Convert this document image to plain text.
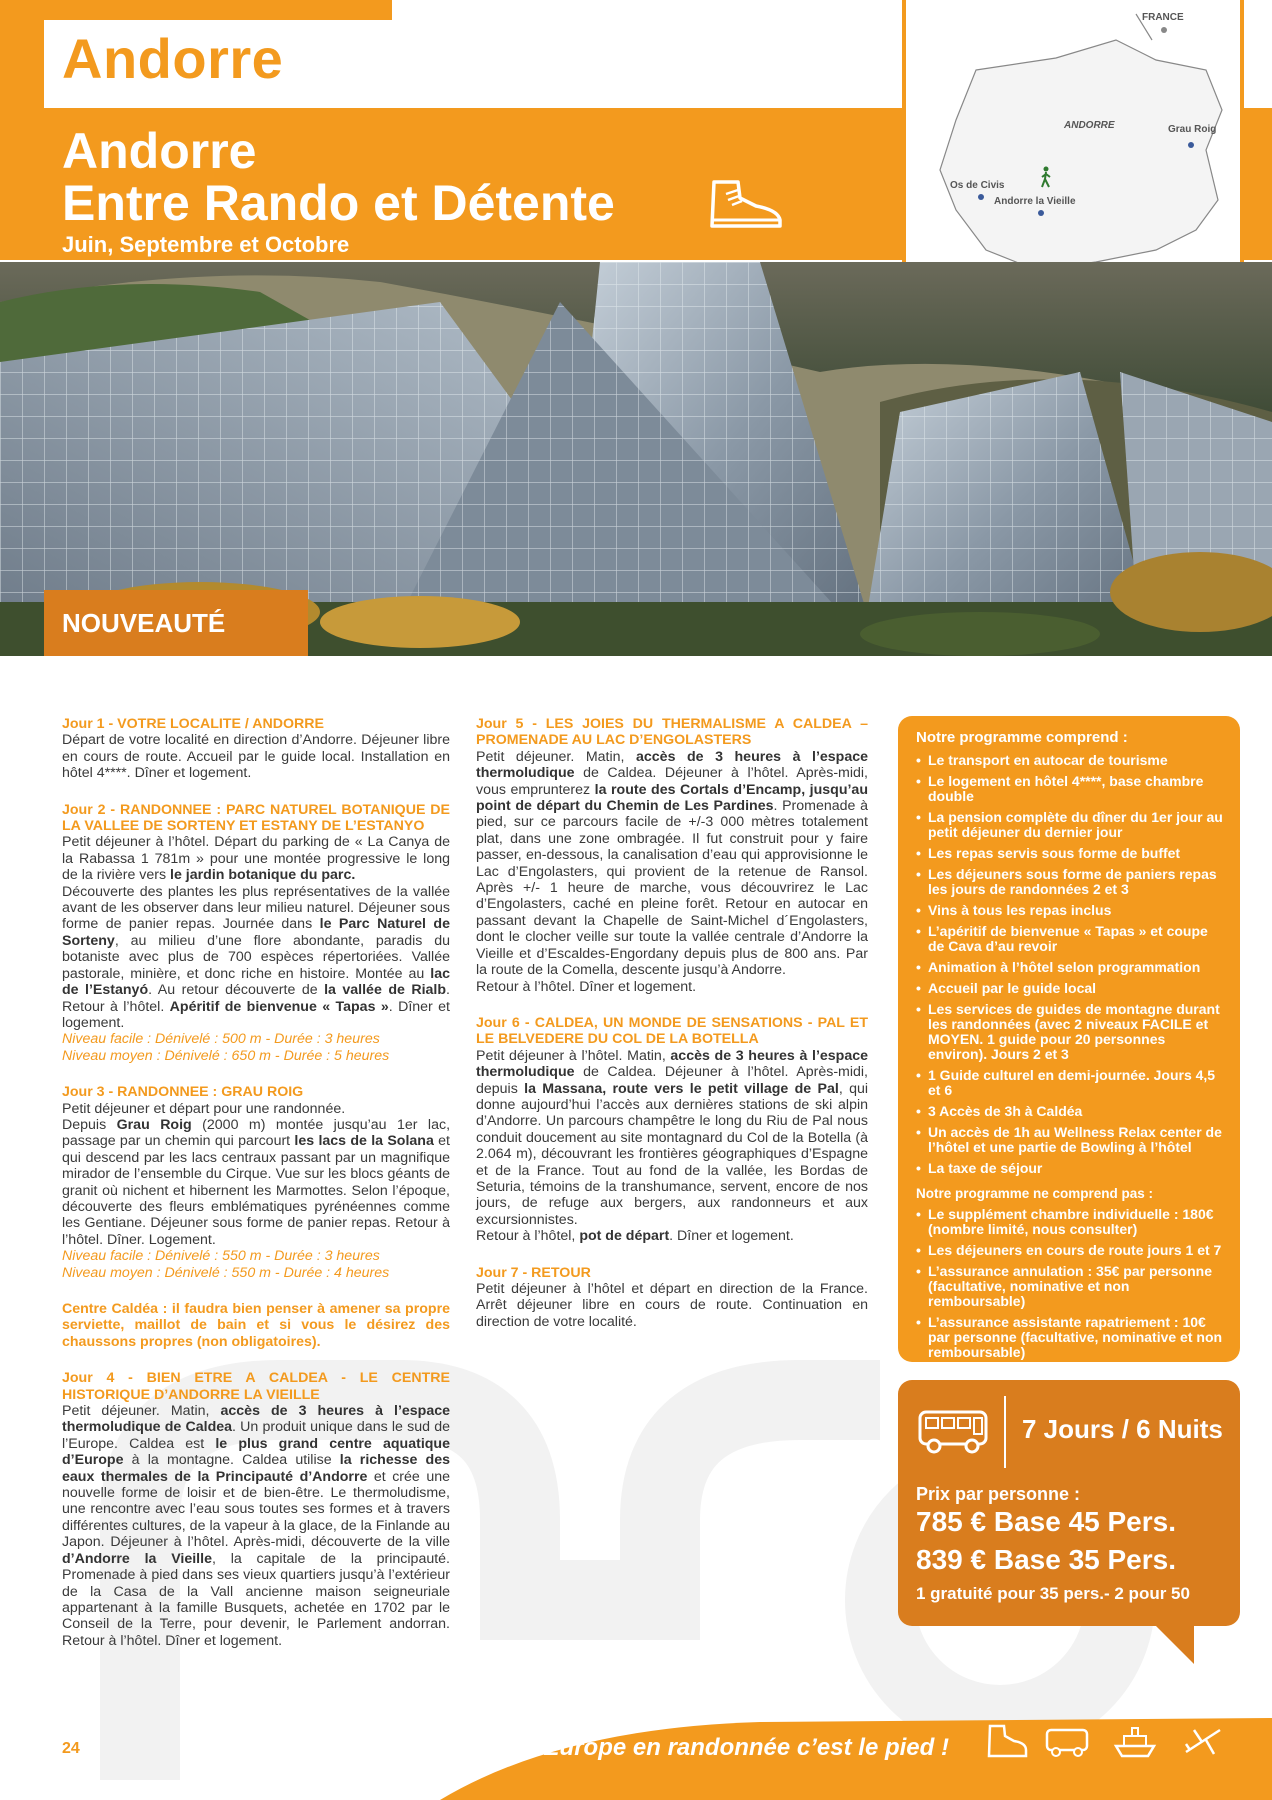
Andorre
Andorre
Entre Rando et Détente
Juin, Septembre et Octobre
FRANCE
ANDORRE	Grau Roig
Os de Civis
Andorre la Vieille
NOUVEAUTÉ
Jour 1 - VOTRE LOCALITE / ANDORRE

Départ de votre localité en direction d’Andorre. Déjeuner libre en cours de route. Accueil par le guide local. Installation en hôtel 4****. Dîner et logement.

Jour 2 - RANDONNEE : PARC NATUREL BOTANIQUE DE LA VALLEE DE SORTENY ET ESTANY DE L’ESTANYO

Petit déjeuner à l’hôtel. Départ du parking de « La Canya de la Rabassa 1 781m » pour une montée progressive le long de la rivière vers le jardin botanique du parc.

Découverte des plantes les plus représentatives de la vallée avant de les observer dans leur milieu naturel. Déjeuner sous forme de panier repas. Journée dans le Parc Naturel de Sorteny, au milieu d’une flore abondante, paradis du botaniste avec plus de 700 espèces répertoriées. Vallée pastorale, minière, et donc riche en histoire. Montée au lac de l’Estanyó. Au retour découverte de la vallée de Rialb. Retour à l’hôtel. Apéritif de bienvenue « Tapas ». Dîner et logement.

Niveau facile : Dénivelé : 500 m - Durée : 3 heures

Niveau moyen : Dénivelé : 650 m - Durée : 5 heures

Jour 3 - RANDONNEE : GRAU ROIG

Petit déjeuner et départ pour une randonnée.

Depuis Grau Roig (2000 m) montée jusqu’au 1er lac, passage par un chemin qui parcourt les lacs de la Solana et qui descend par les lacs centraux passant par un magnifique mirador de l’ensemble du Cirque. Vue sur les blocs géants de granit où nichent et hibernent les Marmottes. Selon l’époque, découverte des fleurs emblématiques pyrénéennes comme les Gentiane. Déjeuner sous forme de panier repas. Retour à l’hôtel. Dîner. Logement.

Niveau facile : Dénivelé : 550 m - Durée : 3 heures

Niveau moyen : Dénivelé : 550 m - Durée : 4 heures

Centre Caldéa : il faudra bien penser à amener sa propre serviette, maillot de bain et si vous le désirez des chaussons propres (non obligatoires).

Jour 4 - BIEN ETRE A CALDEA - LE CENTRE HISTORIQUE D’ANDORRE LA VIEILLE

Petit déjeuner. Matin, accès de 3 heures à l’espace thermoludique de Caldea. Un produit unique dans le sud de l’Europe. Caldea est le plus grand centre aquatique d’Europe à la montagne. Caldea utilise la richesse des eaux thermales de la Principauté d’Andorre et crée une nouvelle forme de loisir et de bien-être. Le thermoludisme, une rencontre avec l’eau sous toutes ses formes et à travers différentes cultures, de la vapeur à la glace, de la Finlande au Japon. Déjeuner à l’hôtel. Après-midi, découverte de la ville d’Andorre la Vieille, la capitale de la principauté. Promenade à pied dans ses vieux quartiers jusqu’à l’extérieur de la Casa de la Vall ancienne maison seigneuriale appartenant à la famille Busquets, achetée en 1702 par le Conseil de la Terre, pour devenir, le Parlement andorran. Retour à l’hôtel. Dîner et logement.

Jour 5 - LES JOIES DU THERMALISME A CALDEA – PROMENADE AU LAC D’ENGOLASTERS

Petit déjeuner. Matin, accès de 3 heures à l’espace thermoludique de Caldea. Déjeuner à l’hôtel. Après-midi, vous emprunterez la route des Cortals d’Encamp, jusqu’au point de départ du Chemin de Les Pardines. Promenade à pied, sur ce parcours facile de +/-3 000 mètres totalement plat, dans une zone ombragée. Il fut construit pour y faire passer, en-dessous, la canalisation d’eau qui approvisionne le Lac d’Engolasters, qui provient de la retenue de Ransol. Après +/- 1 heure de marche, vous découvrirez le Lac d’Engolasters, caché en pleine forêt. Retour en autocar en passant devant la Chapelle de Saint-Michel d´Engolasters, dont le clocher veille sur toute la vallée centrale d’Andorre la Vieille et d’Escaldes-Engordany depuis plus de 800 ans. Par la route de la Comella, descente jusqu’à Andorre.

Retour à l’hôtel. Dîner et logement.

Jour 6 - CALDEA, UN MONDE DE SENSATIONS - PAL ET LE BELVEDERE DU COL DE LA BOTELLA

Petit déjeuner à l’hôtel. Matin, accès de 3 heures à l’espace thermoludique de Caldea. Déjeuner à l’hôtel. Après-midi, depuis la Massana, route vers le petit village de Pal, qui donne aujourd’hui l’accès aux dernières stations de ski alpin d’Andorre. Un parcours champêtre le long du Riu de Pal nous conduit doucement au site montagnard du Col de la Botella (à 2.064 m), découvrant les frontières géographiques d’Espagne et de la France. Tout au fond de la vallée, les Bordas de Seturia, témoins de la transhumance, servent, encore de nos jours, de refuge aux bergers, aux randonneurs et aux excursionnistes.

Retour à l’hôtel, pot de départ. Dîner et logement.

Jour 7 - RETOUR

Petit déjeuner à l’hôtel et départ en direction de la France. Arrêt déjeuner libre en cours de route. Continuation en direction de votre localité.

Notre programme comprend :
• Le transport en autocar de tourisme
• Le logement en hôtel 4****, base chambre double
• La pension complète du dîner du 1er jour au petit déjeuner du dernier jour
• Les repas servis sous forme de buffet
• Les déjeuners sous forme de paniers repas les jours de randonnées 2 et 3
• Vins à tous les repas inclus
• L’apéritif de bienvenue « Tapas » et coupe de Cava d’au revoir
• Animation à l’hôtel selon programmation
• Accueil par le guide local
• Les services de guides de montagne durant les randonnées (avec 2 niveaux FACILE et MOYEN. 1 guide pour 20 personnes environ). Jours 2 et 3
• 1 Guide culturel en demi-journée. Jours 4,5 et 6
• 3 Accès de 3h à Caldéa
• Un accès de 1h au Wellness Relax center de l’hôtel et une partie de Bowling à l’hôtel
• La taxe de séjour
Notre programme ne comprend pas :
• Le supplément chambre individuelle : 180€ (nombre limité, nous consulter)
• Les déjeuners en cours de route jours 1 et 7
• L’assurance annulation : 35€ par personne (facultative, nominative et non remboursable)
• L’assurance assistante rapatriement : 10€ par personne (facultative, nominative et non remboursable)
7 Jours / 6 Nuits
Prix par personne :
785 € Base 45 Pers.
839 € Base 35 Pers.
1 gratuité pour 35 pers.- 2 pour 50
24	L’Europe en randonnée c’est le pied !
